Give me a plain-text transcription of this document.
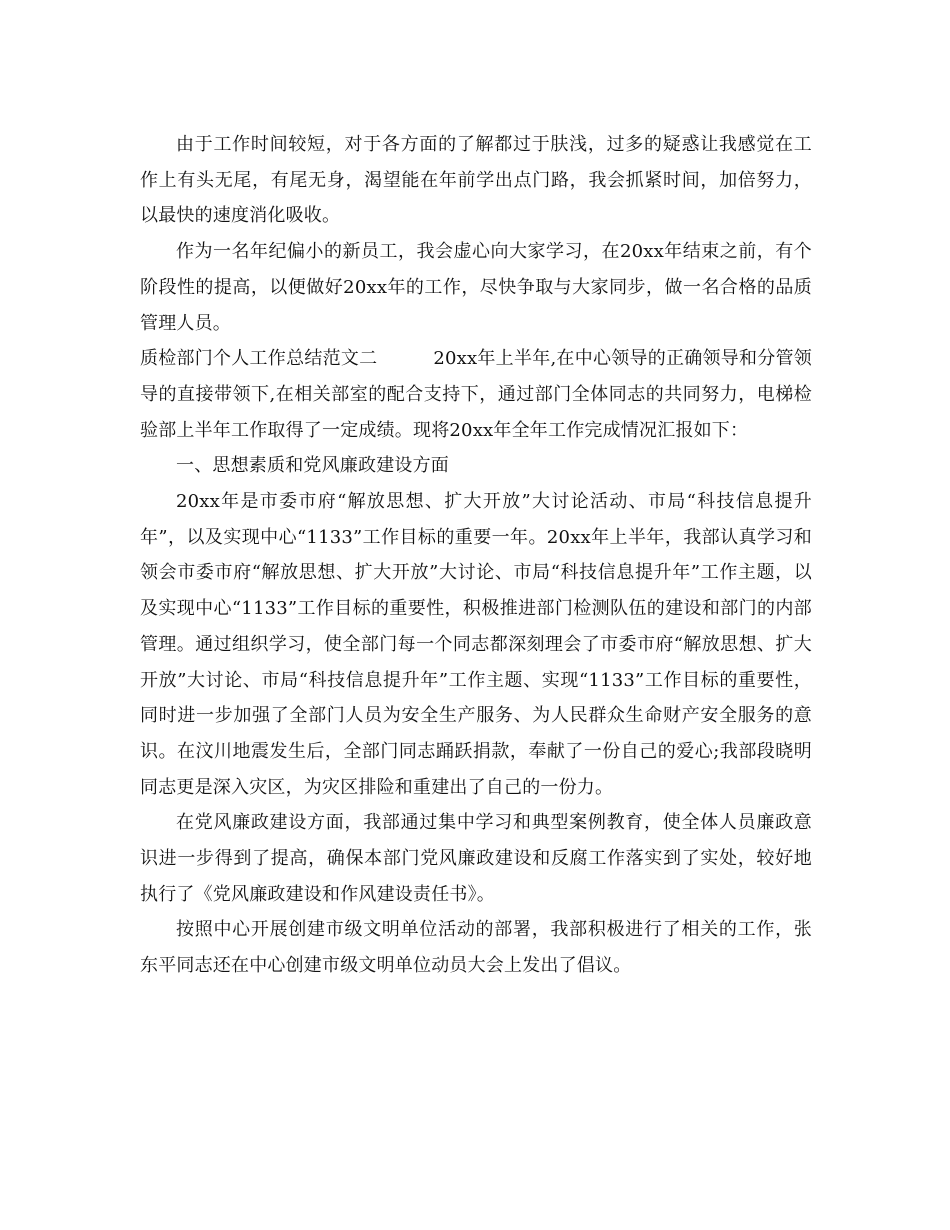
由于工作时间较短，对于各方面的了解都过于肤浅，过多的疑惑让我感觉在工作上有头无尾，有尾无身，渴望能在年前学出点门路，我会抓紧时间，加倍努力，以最快的速度消化吸收。

作为一名年纪偏小的新员工，我会虚心向大家学习，在20xx年结束之前，有个阶段性的提高，以便做好20xx年的工作，尽快争取与大家同步，做一名合格的品质管理人员。

质检部门个人工作总结范文二	20xx年上半年,在中心领导的正确领导和分管领导的直接带领下,在相关部室的配合支持下，通过部门全体同志的共同努力，电梯检验部上半年工作取得了一定成绩。现将20xx年全年工作完成情况汇报如下：

一、思想素质和党风廉政建设方面

20xx年是市委市府“解放思想、扩大开放”大讨论活动、市局“科技信息提升年”，以及实现中心“1133”工作目标的重要一年。20xx年上半年，我部认真学习和领会市委市府“解放思想、扩大开放”大讨论、市局“科技信息提升年”工作主题，以及实现中心“1133”工作目标的重要性，积极推进部门检测队伍的建设和部门的内部管理。通过组织学习，使全部门每一个同志都深刻理会了市委市府“解放思想、扩大开放”大讨论、市局“科技信息提升年”工作主题、实现“1133”工作目标的重要性，同时进一步加强了全部门人员为安全生产服务、为人民群众生命财产安全服务的意识。在汶川地震发生后，全部门同志踊跃捐款，奉献了一份自己的爱心;我部段晓明同志更是深入灾区，为灾区排险和重建出了自己的一份力。

在党风廉政建设方面，我部通过集中学习和典型案例教育，使全体人员廉政意识进一步得到了提高，确保本部门党风廉政建设和反腐工作落实到了实处，较好地执行了《党风廉政建设和作风建设责任书》。

按照中心开展创建市级文明单位活动的部署，我部积极进行了相关的工作，张东平同志还在中心创建市级文明单位动员大会上发出了倡议。
